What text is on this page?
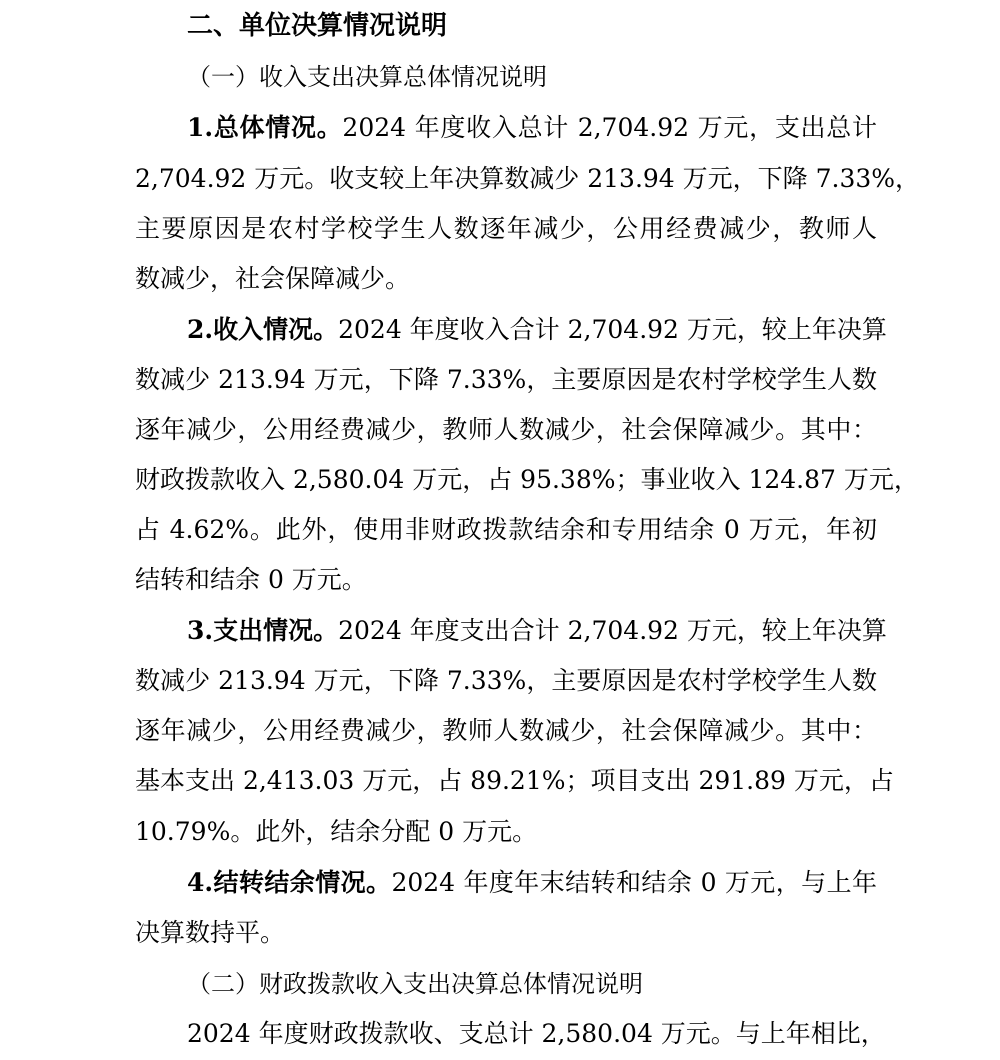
二、单位决算情况说明
（一）收入支出决算总体情况说明
1.总体情况。2024 年度收入总计 2,704.92 万元，支出总计
2,704.92 万元。收支较上年决算数减少 213.94 万元，下降 7.33%，
主要原因是农村学校学生人数逐年减少，公用经费减少，教师人
数减少，社会保障减少。
2.收入情况。2024 年度收入合计 2,704.92 万元，较上年决算
数减少 213.94 万元，下降 7.33%，主要原因是农村学校学生人数
逐年减少，公用经费减少，教师人数减少，社会保障减少。其中：
财政拨款收入 2,580.04 万元，占 95.38%；事业收入 124.87 万元，
占 4.62%。此外，使用非财政拨款结余和专用结余 0 万元，年初
结转和结余 0 万元。
3.支出情况。2024 年度支出合计 2,704.92 万元，较上年决算
数减少 213.94 万元，下降 7.33%，主要原因是农村学校学生人数
逐年减少，公用经费减少，教师人数减少，社会保障减少。其中：
基本支出 2,413.03 万元，占 89.21%；项目支出 291.89 万元，占
10.79%。此外，结余分配 0 万元。
4.结转结余情况。2024 年度年末结转和结余 0 万元，与上年
决算数持平。
（二）财政拨款收入支出决算总体情况说明
2024 年度财政拨款收、支总计 2,580.04 万元。与上年相比，
